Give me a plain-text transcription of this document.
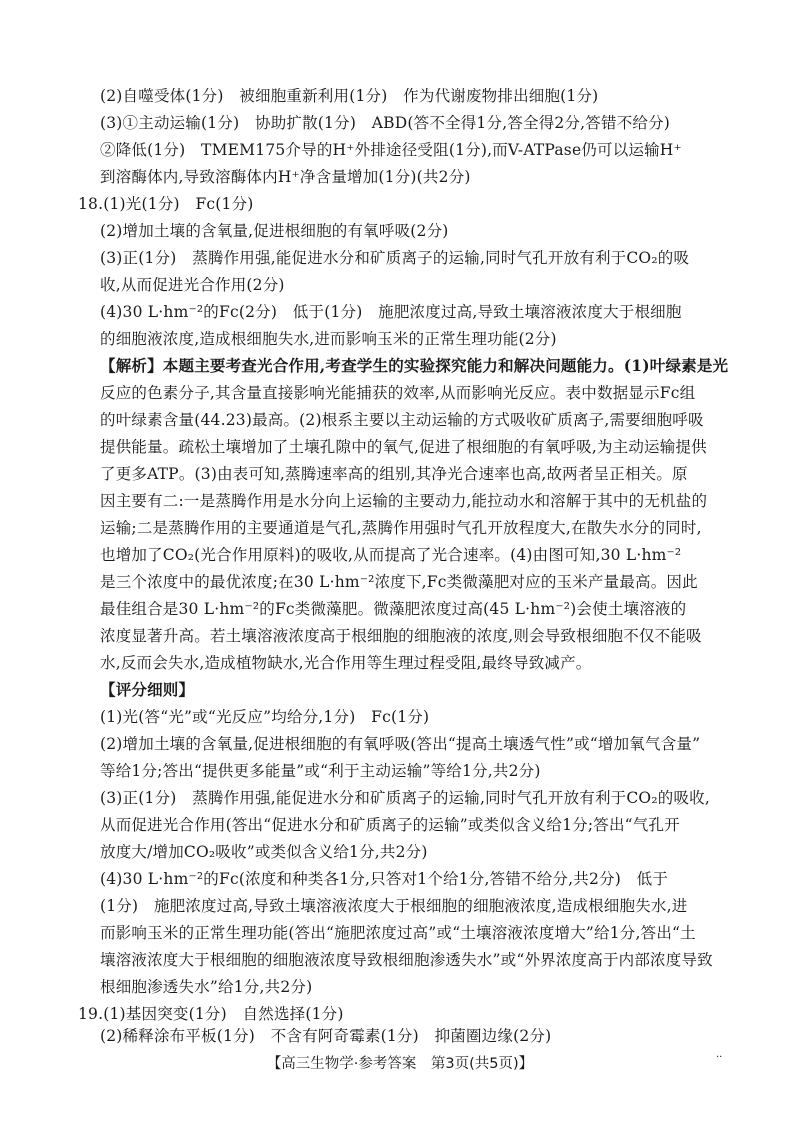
(2)自噬受体(1分)　被细胞重新利用(1分)　作为代谢废物排出细胞(1分)
(3)①主动运输(1分)　协助扩散(1分)　ABD(答不全得1分,答全得2分,答错不给分)
②降低(1分)　TMEM175介导的H⁺外排途径受阻(1分),而V-ATPase仍可以运输H⁺
到溶酶体内,导致溶酶体内H⁺净含量增加(1分)(共2分)
18.(1)光(1分)　Fc(1分)
(2)增加土壤的含氧量,促进根细胞的有氧呼吸(2分)
(3)正(1分)　蒸腾作用强,能促进水分和矿质离子的运输,同时气孔开放有利于CO₂的吸
收,从而促进光合作用(2分)
(4)30 L·hm⁻²的Fc(2分)　低于(1分)　施肥浓度过高,导致土壤溶液浓度大于根细胞
的细胞液浓度,造成根细胞失水,进而影响玉米的正常生理功能(2分)
【解析】本题主要考查光合作用,考查学生的实验探究能力和解决问题能力。(1)叶绿素是光
反应的色素分子,其含量直接影响光能捕获的效率,从而影响光反应。表中数据显示Fc组
的叶绿素含量(44.23)最高。(2)根系主要以主动运输的方式吸收矿质离子,需要细胞呼吸
提供能量。疏松土壤增加了土壤孔隙中的氧气,促进了根细胞的有氧呼吸,为主动运输提供
了更多ATP。(3)由表可知,蒸腾速率高的组别,其净光合速率也高,故两者呈正相关。原
因主要有二:一是蒸腾作用是水分向上运输的主要动力,能拉动水和溶解于其中的无机盐的
运输;二是蒸腾作用的主要通道是气孔,蒸腾作用强时气孔开放程度大,在散失水分的同时,
也增加了CO₂(光合作用原料)的吸收,从而提高了光合速率。(4)由图可知,30 L·hm⁻²
是三个浓度中的最优浓度;在30 L·hm⁻²浓度下,Fc类微藻肥对应的玉米产量最高。因此
最佳组合是30 L·hm⁻²的Fc类微藻肥。微藻肥浓度过高(45 L·hm⁻²)会使土壤溶液的
浓度显著升高。若土壤溶液浓度高于根细胞的细胞液的浓度,则会导致根细胞不仅不能吸
水,反而会失水,造成植物缺水,光合作用等生理过程受阻,最终导致减产。
【评分细则】
(1)光(答“光”或“光反应”均给分,1分)　Fc(1分)
(2)增加土壤的含氧量,促进根细胞的有氧呼吸(答出“提高土壤透气性”或“增加氧气含量”
等给1分;答出“提供更多能量”或“利于主动运输”等给1分,共2分)
(3)正(1分)　蒸腾作用强,能促进水分和矿质离子的运输,同时气孔开放有利于CO₂的吸收,
从而促进光合作用(答出“促进水分和矿质离子的运输”或类似含义给1分;答出“气孔开
放度大/增加CO₂吸收”或类似含义给1分,共2分)
(4)30 L·hm⁻²的Fc(浓度和种类各1分,只答对1个给1分,答错不给分,共2分)　低于
(1分)　施肥浓度过高,导致土壤溶液浓度大于根细胞的细胞液浓度,造成根细胞失水,进
而影响玉米的正常生理功能(答出“施肥浓度过高”或“土壤溶液浓度增大”给1分,答出“土
壤溶液浓度大于根细胞的细胞液浓度导致根细胞渗透失水”或“外界浓度高于内部浓度导致
根细胞渗透失水”给1分,共2分)
19.(1)基因突变(1分)　自然选择(1分)
(2)稀释涂布平板(1分)　不含有阿奇霉素(1分)　抑菌圈边缘(2分)
【高三生物学·参考答案　第3页(共5页)】	··
